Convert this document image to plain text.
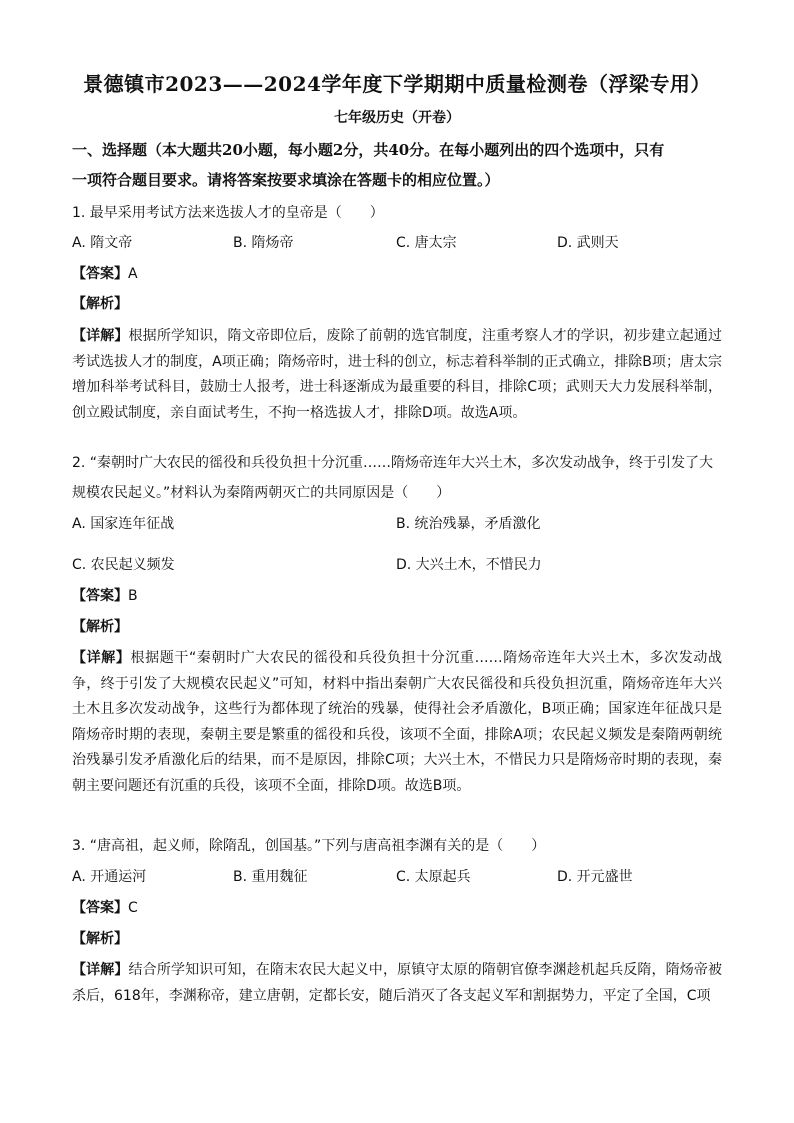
景德镇市2023——2024学年度下学期期中质量检测卷（浮梁专用）
七年级历史（开卷）
一、选择题（本大题共20小题，每小题2分，共40分。在每小题列出的四个选项中，只有
一项符合题目要求。请将答案按要求填涂在答题卡的相应位置。）
1. 最早采用考试方法来选拔人才的皇帝是（　　）
A. 隋文帝	B. 隋炀帝	C. 唐太宗	D. 武则天
【答案】A
【解析】
【详解】根据所学知识，隋文帝即位后，废除了前朝的选官制度，注重考察人才的学识，初步建立起通过考试选拔人才的制度，A项正确；隋炀帝时，进士科的创立，标志着科举制的正式确立，排除B项；唐太宗增加科举考试科目，鼓励士人报考，进士科逐渐成为最重要的科目，排除C项；武则天大力发展科举制，创立殿试制度，亲自面试考生，不拘一格选拔人才，排除D项。故选A项。
2. “秦朝时广大农民的徭役和兵役负担十分沉重……隋炀帝连年大兴土木，多次发动战争，终于引发了大
规模农民起义。”材料认为秦隋两朝灭亡的共同原因是（　　）
A. 国家连年征战	B. 统治残暴，矛盾激化
C. 农民起义频发	D. 大兴土木，不惜民力
【答案】B
【解析】
【详解】根据题干“秦朝时广大农民的徭役和兵役负担十分沉重……隋炀帝连年大兴土木，多次发动战争，终于引发了大规模农民起义”可知，材料中指出秦朝广大农民徭役和兵役负担沉重，隋炀帝连年大兴土木且多次发动战争，这些行为都体现了统治的残暴，使得社会矛盾激化，B项正确；国家连年征战只是隋炀帝时期的表现，秦朝主要是繁重的徭役和兵役，该项不全面，排除A项；农民起义频发是秦隋两朝统治残暴引发矛盾激化后的结果，而不是原因，排除C项；大兴土木，不惜民力只是隋炀帝时期的表现，秦朝主要问题还有沉重的兵役，该项不全面，排除D项。故选B项。
3. “唐高祖，起义师，除隋乱，创国基。”下列与唐高祖李渊有关的是（　　）
A. 开通运河	B. 重用魏征	C. 太原起兵	D. 开元盛世
【答案】C
【解析】
【详解】结合所学知识可知，在隋末农民大起义中，原镇守太原的隋朝官僚李渊趁机起兵反隋，隋炀帝被杀后，618年，李渊称帝，建立唐朝，定都长安，随后消灭了各支起义军和割据势力，平定了全国，C项
